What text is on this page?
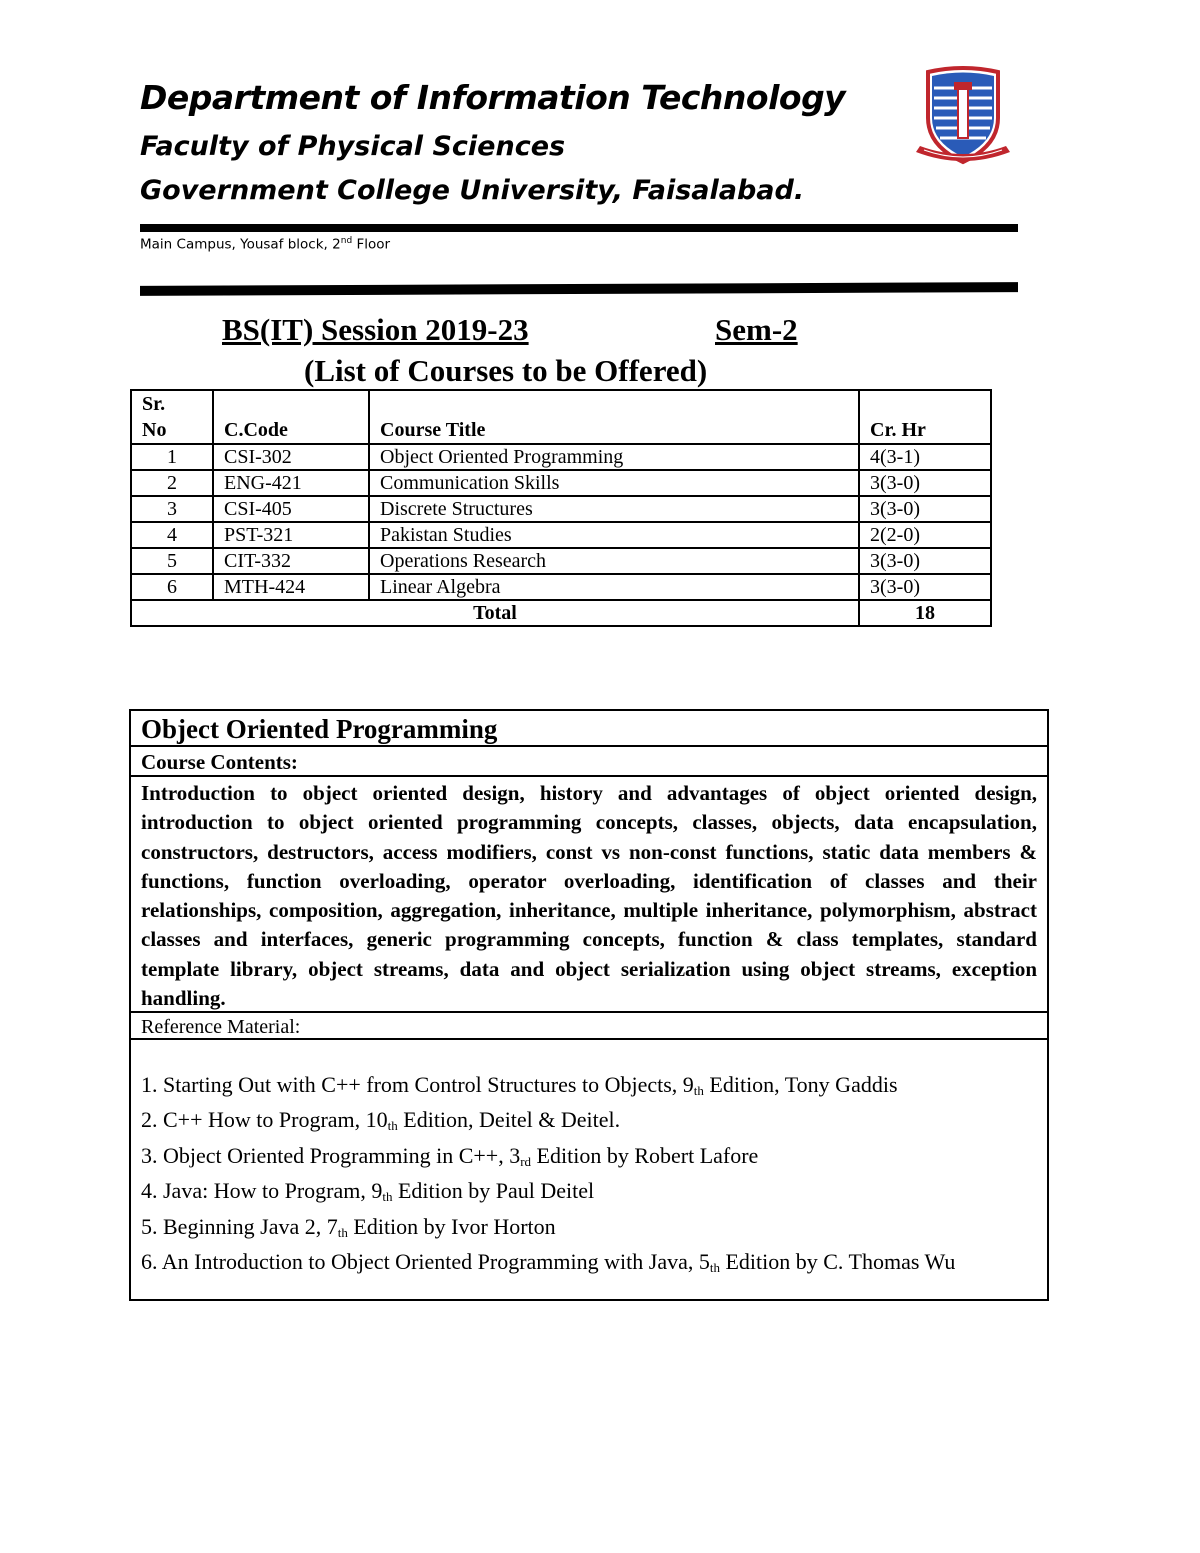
Department of Information Technology
Faculty of Physical Sciences
Government College University, Faisalabad.
Main Campus, Yousaf block, 2nd Floor
BS(IT) Session 2019-23	Sem-2
(List of Courses to be Offered)
Sr.
No	C.Code	Course Title	Cr. Hr
1	CSI-302	Object Oriented Programming	4(3-1)
2	ENG-421	Communication Skills	3(3-0)
3	CSI-405	Discrete Structures	3(3-0)
4	PST-321	Pakistan Studies	2(2-0)
5	CIT-332	Operations Research	3(3-0)
6	MTH-424	Linear Algebra	3(3-0)
Total			18
Object Oriented Programming
Course Contents:
Introduction to object oriented design, history and advantages of object oriented design, introduction to object oriented programming concepts, classes, objects, data encapsulation, constructors, destructors, access modifiers, const vs non-const functions, static data members & functions, function overloading, operator overloading, identification of classes and their relationships, composition, aggregation, inheritance, multiple inheritance, polymorphism, abstract classes and interfaces, generic programming concepts, function & class templates, standard template library, object streams, data and object serialization using object streams, exception handling.
Reference Material:
1. Starting Out with C++ from Control Structures to Objects, $9_{th}$ Edition, Tony Gaddis
2. C++ How to Program, $10_{th}$ Edition, Deitel & Deitel.
3. Object Oriented Programming in C++, $3_{rd}$ Edition by Robert Lafore
4. Java: How to Program, $9_{th}$ Edition by Paul Deitel
5. Beginning Java 2, $7_{th}$ Edition by Ivor Horton
6. An Introduction to Object Oriented Programming with Java, $5_{th}$ Edition by C. Thomas Wu
